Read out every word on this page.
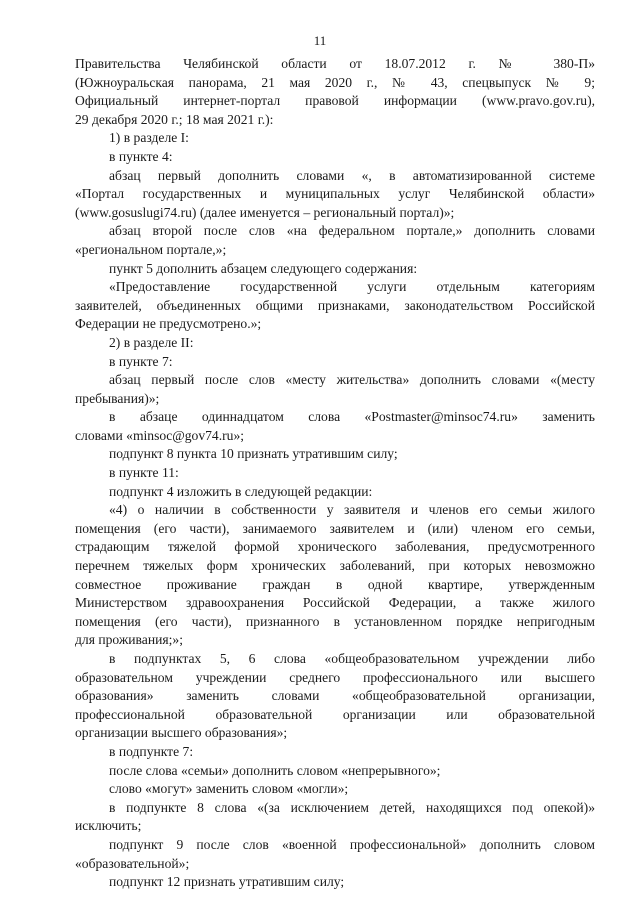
11

Правительства Челябинской области от 18.07.2012 г. № 380-П»

(Южноуральская панорама, 21 мая 2020 г., № 43, спецвыпуск № 9;

Официальный интернет-портал правовой информации (www.pravo.gov.ru),

29 декабря 2020 г.; 18 мая 2021 г.):

1) в разделе I:

в пункте 4:

абзац первый дополнить словами «, в автоматизированной системе

«Портал государственных и муниципальных услуг Челябинской области»

(www.gosuslugi74.ru) (далее именуется – региональный портал)»;

абзац второй после слов «на федеральном портале,» дополнить словами

«региональном портале,»;

пункт 5 дополнить абзацем следующего содержания:

«Предоставление государственной услуги отдельным категориям

заявителей, объединенных общими признаками, законодательством Российской

Федерации не предусмотрено.»;

2) в разделе II:

в пункте 7:

абзац первый после слов «месту жительства» дополнить словами «(месту

пребывания)»;

в абзаце одиннадцатом слова «Postmaster@minsoc74.ru» заменить

словами «minsoc@gov74.ru»;

подпункт 8 пункта 10 признать утратившим силу;

в пункте 11:

подпункт 4 изложить в следующей редакции:

«4) о наличии в собственности у заявителя и членов его семьи жилого

помещения (его части), занимаемого заявителем и (или) членом его семьи,

страдающим тяжелой формой хронического заболевания, предусмотренного

перечнем тяжелых форм хронических заболеваний, при которых невозможно

совместное проживание граждан в одной квартире, утвержденным

Министерством здравоохранения Российской Федерации, а также жилого

помещения (его части), признанного в установленном порядке непригодным

для проживания;»;

в подпунктах 5, 6 слова «общеобразовательном учреждении либо

образовательном учреждении среднего профессионального или высшего

образования» заменить словами «общеобразовательной организации,

профессиональной образовательной организации или образовательной

организации высшего образования»;

в подпункте 7:

после слова «семьи» дополнить словом «непрерывного»;

слово «могут» заменить словом «могли»;

в подпункте 8 слова «(за исключением детей, находящихся под опекой)»

исключить;

подпункт 9 после слов «военной профессиональной» дополнить словом

«образовательной»;

подпункт 12 признать утратившим силу;
